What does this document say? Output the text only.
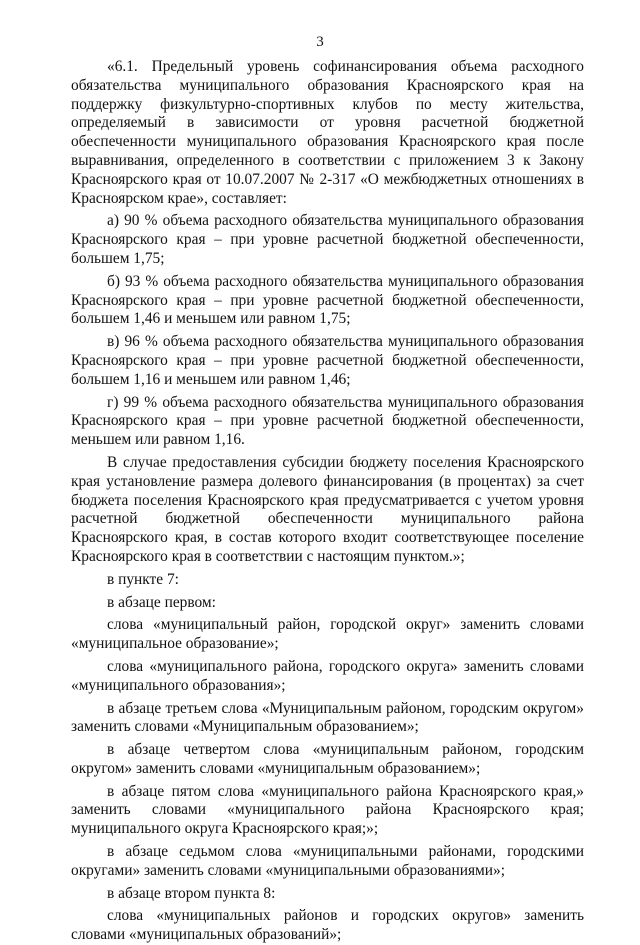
3

«6.1. Предельный уровень софинансирования объема расходного обязательства муниципального образования Красноярского края на поддержку физкультурно-спортивных клубов по месту жительства, определяемый в зависимости от уровня расчетной бюджетной обеспеченности муниципального образования Красноярского края после выравнивания, определенного в соответствии с приложением 3 к Закону Красноярского края от 10.07.2007 № 2-317 «О межбюджетных отношениях в Красноярском крае», составляет:

а) 90 % объема расходного обязательства муниципального образования Красноярского края – при уровне расчетной бюджетной обеспеченности, большем 1,75;

б) 93 % объема расходного обязательства муниципального образования Красноярского края – при уровне расчетной бюджетной обеспеченности, большем 1,46 и меньшем или равном 1,75;

в) 96 % объема расходного обязательства муниципального образования Красноярского края – при уровне расчетной бюджетной обеспеченности, большем 1,16 и меньшем или равном 1,46;

г) 99 % объема расходного обязательства муниципального образования Красноярского края – при уровне расчетной бюджетной обеспеченности, меньшем или равном 1,16.

В случае предоставления субсидии бюджету поселения Красноярского края установление размера долевого финансирования (в процентах) за счет бюджета поселения Красноярского края предусматривается с учетом уровня расчетной бюджетной обеспеченности муниципального района Красноярского края, в состав которого входит соответствующее поселение Красноярского края в соответствии с настоящим пунктом.»;

в пункте 7:

в абзаце первом:

слова «муниципальный район, городской округ» заменить словами «муниципальное образование»;

слова «муниципального района, городского округа» заменить словами «муниципального образования»;

в абзаце третьем слова «Муниципальным районом, городским округом» заменить словами «Муниципальным образованием»;

в абзаце четвертом слова «муниципальным районом, городским округом» заменить словами «муниципальным образованием»;

в абзаце пятом слова «муниципального района Красноярского края,» заменить словами «муниципального района Красноярского края; муниципального округа Красноярского края;»;

в абзаце седьмом слова «муниципальными районами, городскими округами» заменить словами «муниципальными образованиями»;

в абзаце втором пункта 8:

слова «муниципальных районов и городских округов» заменить словами «муниципальных образований»;
